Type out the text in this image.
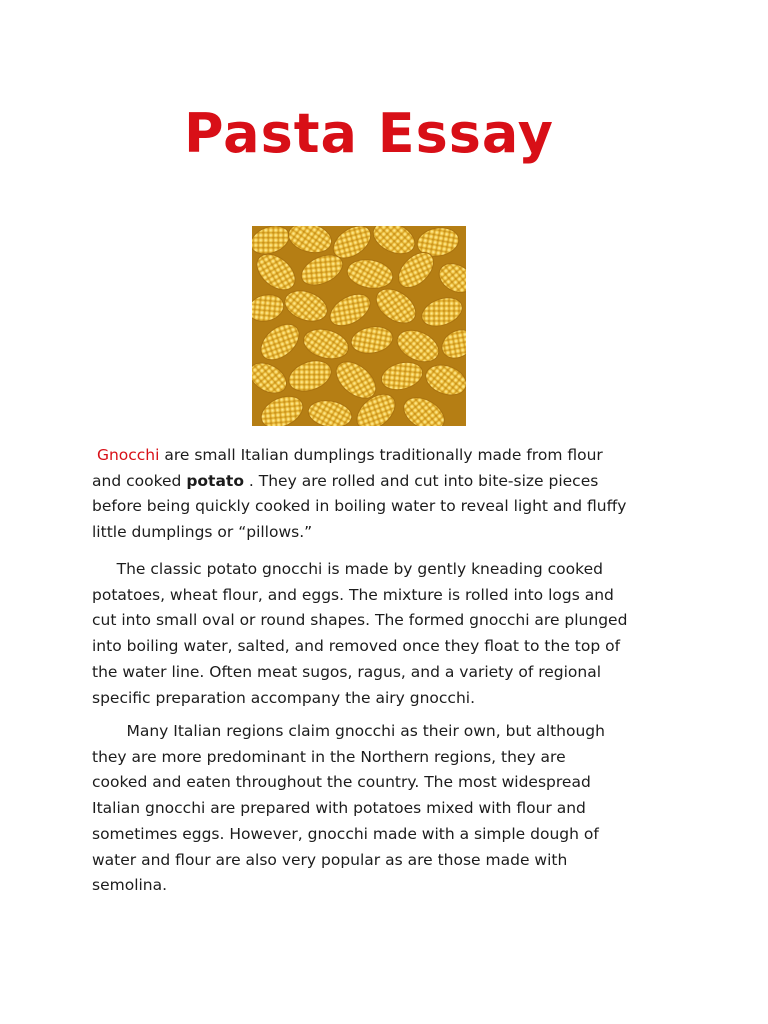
Pasta Essay
Gnocchi are small Italian dumplings traditionally made from flour
and cooked potato . They are rolled and cut into bite-size pieces
before being quickly cooked in boiling water to reveal light and fluffy
little dumplings or “pillows.”
The classic potato gnocchi is made by gently kneading cooked
potatoes, wheat flour, and eggs. The mixture is rolled into logs and
cut into small oval or round shapes. The formed gnocchi are plunged
into boiling water, salted, and removed once they float to the top of
the water line. Often meat sugos, ragus, and a variety of regional
specific preparation accompany the airy gnocchi.
Many Italian regions claim gnocchi as their own, but although
they are more predominant in the Northern regions, they are
cooked and eaten throughout the country. The most widespread
Italian gnocchi are prepared with potatoes mixed with flour and
sometimes eggs. However, gnocchi made with a simple dough of
water and flour are also very popular as are those made with
semolina.
